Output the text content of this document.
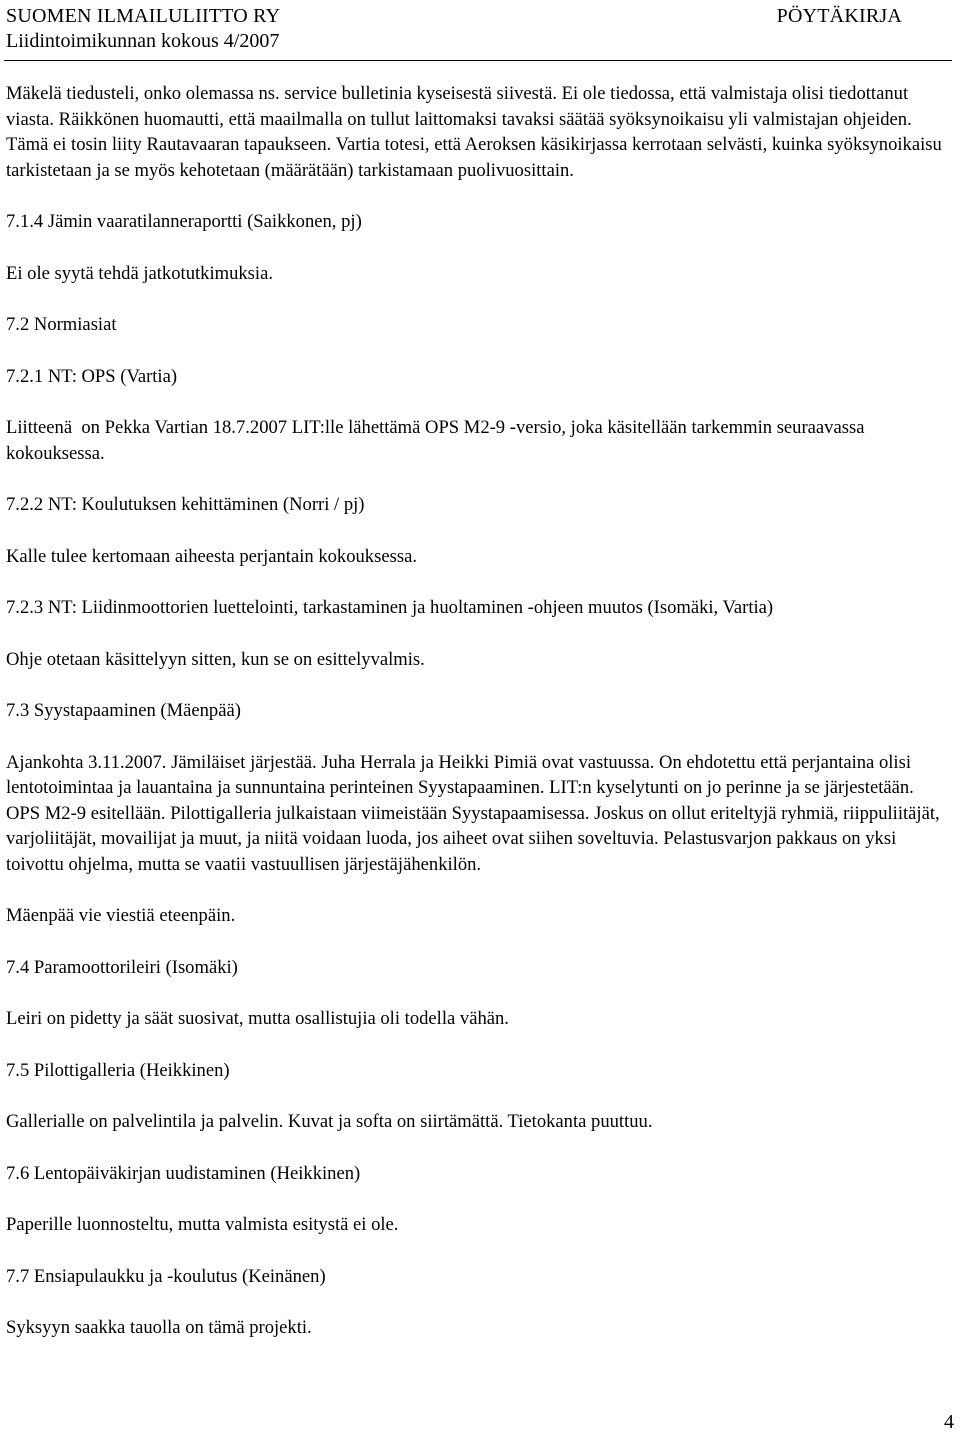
SUOMEN ILMAILULIITTO RY	PÖYTÄKIRJA
Liidintoimikunnan kokous 4/2007

Mäkelä tiedusteli, onko olemassa ns. service bulletinia kyseisestä siivestä. Ei ole tiedossa, että valmistaja olisi tiedottanut viasta. Räikkönen huomautti, että maailmalla on tullut laittomaksi tavaksi säätää syöksynoikaisu yli valmistajan ohjeiden. Tämä ei tosin liity Rautavaaran tapaukseen. Vartia totesi, että Aeroksen käsikirjassa kerrotaan selvästi, kuinka syöksynoikaisu tarkistetaan ja se myös kehotetaan (määrätään) tarkistamaan puolivuosittain.

7.1.4 Jämin vaaratilanneraportti (Saikkonen, pj)

Ei ole syytä tehdä jatkotutkimuksia.

7.2 Normiasiat

7.2.1 NT: OPS (Vartia)

Liitteenä  on Pekka Vartian 18.7.2007 LIT:lle lähettämä OPS M2-9 -versio, joka käsitellään tarkemmin seuraavassa kokouksessa.

7.2.2 NT: Koulutuksen kehittäminen (Norri / pj)

Kalle tulee kertomaan aiheesta perjantain kokouksessa.

7.2.3 NT: Liidinmoottorien luettelointi, tarkastaminen ja huoltaminen -ohjeen muutos (Isomäki, Vartia)

Ohje otetaan käsittelyyn sitten, kun se on esittelyvalmis.

7.3 Syystapaaminen (Mäenpää)

Ajankohta 3.11.2007. Jämiläiset järjestää. Juha Herrala ja Heikki Pimiä ovat vastuussa. On ehdotettu että perjantaina olisi lentotoimintaa ja lauantaina ja sunnuntaina perinteinen Syystapaaminen. LIT:n kyselytunti on jo perinne ja se järjestetään. OPS M2-9 esitellään. Pilottigalleria julkaistaan viimeistään Syystapaamisessa. Joskus on ollut eriteltyjä ryhmiä, riippuliitäjät, varjoliitäjät, movailijat ja muut, ja niitä voidaan luoda, jos aiheet ovat siihen soveltuvia. Pelastusvarjon pakkaus on yksi toivottu ohjelma, mutta se vaatii vastuullisen järjestäjähenkilön.

Mäenpää vie viestiä eteenpäin.

7.4 Paramoottorileiri (Isomäki)

Leiri on pidetty ja säät suosivat, mutta osallistujia oli todella vähän.

7.5 Pilottigalleria (Heikkinen)

Gallerialle on palvelintila ja palvelin. Kuvat ja softa on siirtämättä. Tietokanta puuttuu.

7.6 Lentopäiväkirjan uudistaminen (Heikkinen)

Paperille luonnosteltu, mutta valmista esitystä ei ole.

7.7 Ensiapulaukku ja -koulutus (Keinänen)

Syksyyn saakka tauolla on tämä projekti.

4
